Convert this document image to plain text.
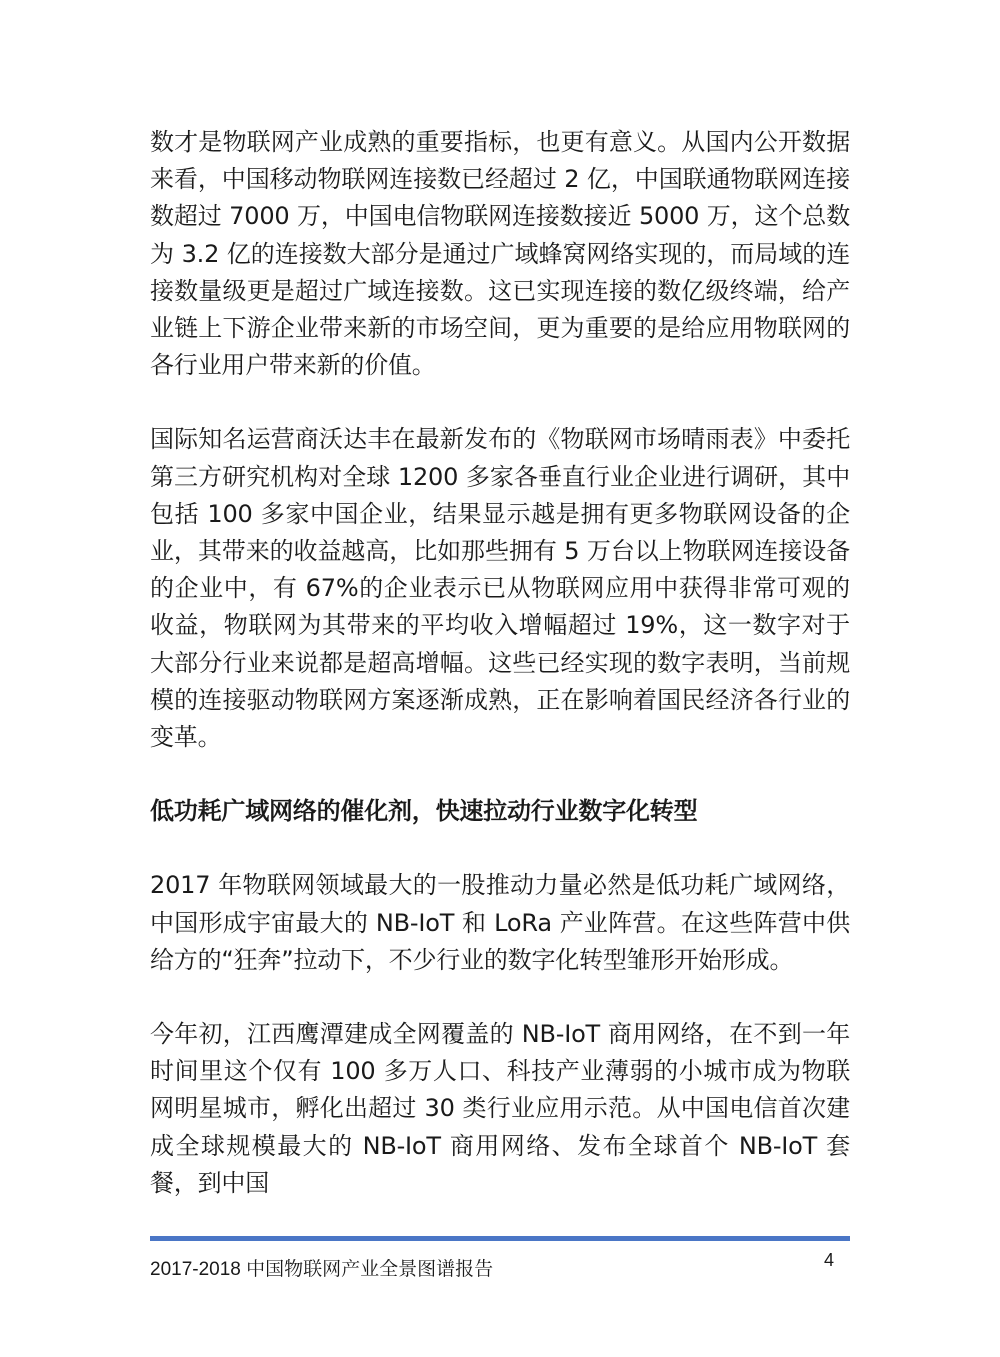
数才是物联网产业成熟的重要指标，也更有意义。从国内公开数据来看，中国移动物联网连接数已经超过 2 亿，中国联通物联网连接数超过 7000 万，中国电信物联网连接数接近 5000 万，这个总数为 3.2 亿的连接数大部分是通过广域蜂窝网络实现的，而局域的连接数量级更是超过广域连接数。这已实现连接的数亿级终端，给产业链上下游企业带来新的市场空间，更为重要的是给应用物联网的各行业用户带来新的价值。

国际知名运营商沃达丰在最新发布的《物联网市场晴雨表》中委托第三方研究机构对全球 1200 多家各垂直行业企业进行调研，其中包括 100 多家中国企业，结果显示越是拥有更多物联网设备的企业，其带来的收益越高，比如那些拥有 5 万台以上物联网连接设备的企业中，有 67%的企业表示已从物联网应用中获得非常可观的收益，物联网为其带来的平均收入增幅超过 19%，这一数字对于大部分行业来说都是超高增幅。这些已经实现的数字表明，当前规模的连接驱动物联网方案逐渐成熟，正在影响着国民经济各行业的变革。

低功耗广域网络的催化剂，快速拉动行业数字化转型

2017 年物联网领域最大的一股推动力量必然是低功耗广域网络，中国形成宇宙最大的 NB-IoT 和 LoRa 产业阵营。在这些阵营中供给方的“狂奔”拉动下，不少行业的数字化转型雏形开始形成。

今年初，江西鹰潭建成全网覆盖的 NB-IoT 商用网络，在不到一年时间里这个仅有 100 多万人口、科技产业薄弱的小城市成为物联网明星城市，孵化出超过 30 类行业应用示范。从中国电信首次建成全球规模最大的 NB-IoT 商用网络、发布全球首个 NB-IoT 套餐，到中国

2017-2018 中国物联网产业全景图谱报告	4
